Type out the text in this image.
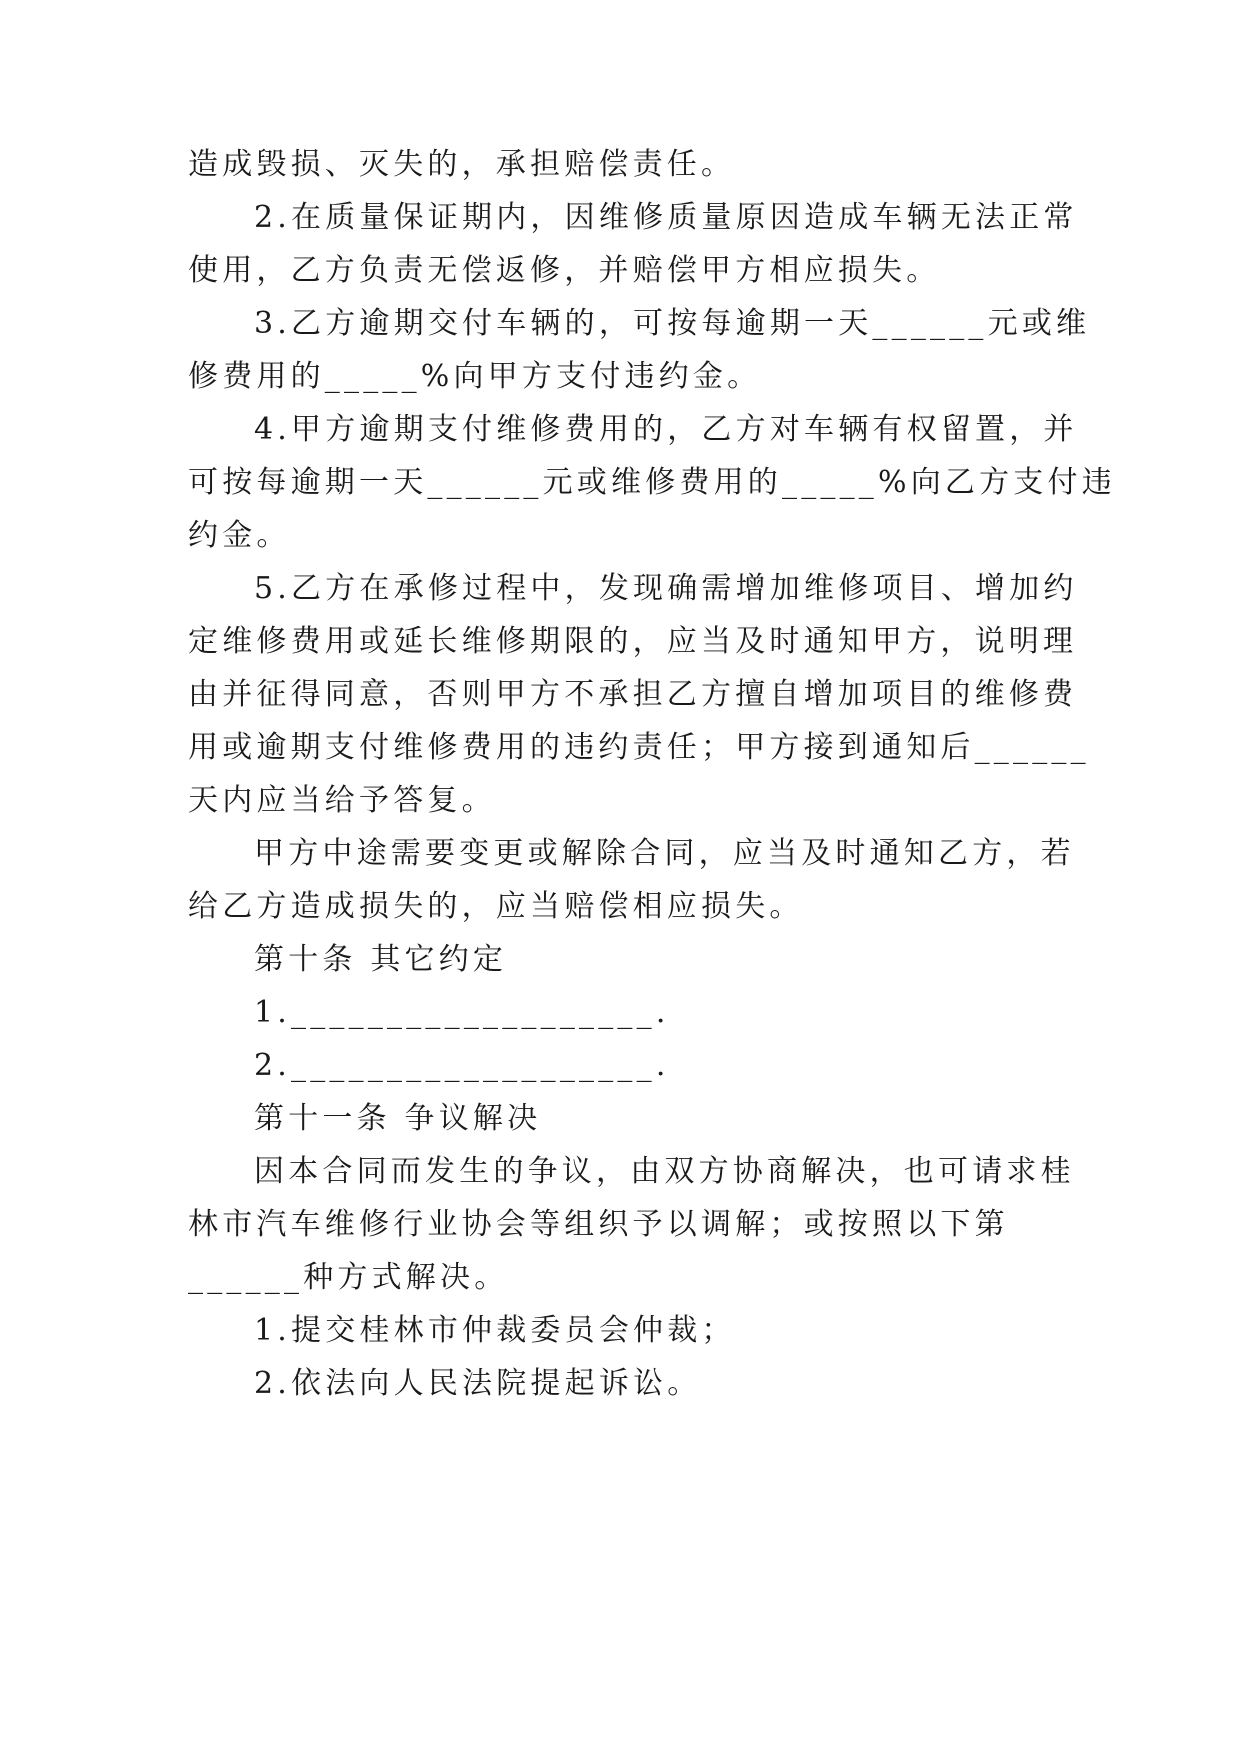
造成毁损、灭失的，承担赔偿责任。

2.在质量保证期内，因维修质量原因造成车辆无法正常

使用，乙方负责无偿返修，并赔偿甲方相应损失。

3.乙方逾期交付车辆的，可按每逾期一天______元或维

修费用的_____%向甲方支付违约金。

4.甲方逾期支付维修费用的，乙方对车辆有权留置，并

可按每逾期一天______元或维修费用的_____%向乙方支付违

约金。

5.乙方在承修过程中，发现确需增加维修项目、增加约

定维修费用或延长维修期限的，应当及时通知甲方，说明理

由并征得同意，否则甲方不承担乙方擅自增加项目的维修费

用或逾期支付维修费用的违约责任；甲方接到通知后______

天内应当给予答复。

甲方中途需要变更或解除合同，应当及时通知乙方，若

给乙方造成损失的，应当赔偿相应损失。

第十条 其它约定

1.___________________.

2.___________________.

第十一条 争议解决

因本合同而发生的争议，由双方协商解决，也可请求桂

林市汽车维修行业协会等组织予以调解；或按照以下第

______种方式解决。

1.提交桂林市仲裁委员会仲裁；

2.依法向人民法院提起诉讼。
